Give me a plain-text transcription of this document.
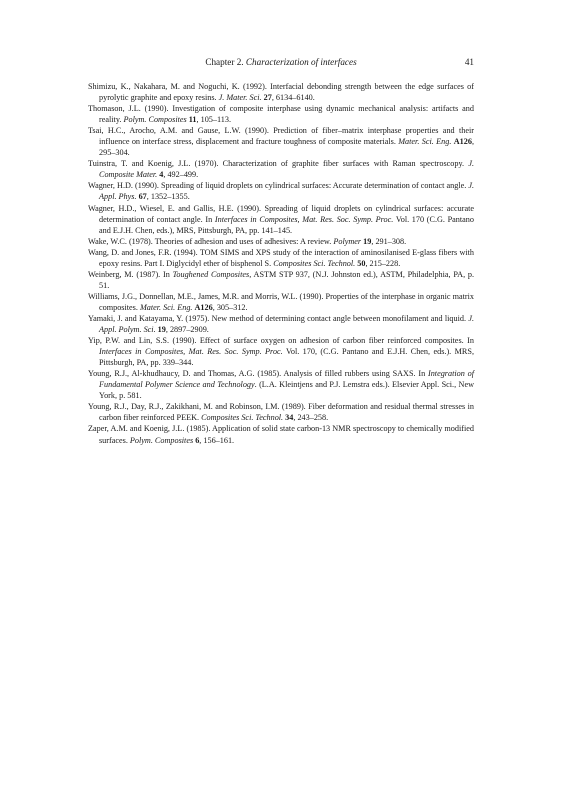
Chapter 2. Characterization of interfaces	41
Shimizu, K., Nakahara, M. and Noguchi, K. (1992). Interfacial debonding strength between the edge surfaces of pyrolytic graphite and epoxy resins. J. Mater. Sci. 27, 6134–6140.
Thomason, J.L. (1990). Investigation of composite interphase using dynamic mechanical analysis: artifacts and reality. Polym. Composites 11, 105–113.
Tsai, H.C., Arocho, A.M. and Gause, L.W. (1990). Prediction of fiber–matrix interphase properties and their influence on interface stress, displacement and fracture toughness of composite materials. Mater. Sci. Eng. A126, 295–304.
Tuinstra, T. and Koenig, J.L. (1970). Characterization of graphite fiber surfaces with Raman spectroscopy. J. Composite Mater. 4, 492–499.
Wagner, H.D. (1990). Spreading of liquid droplets on cylindrical surfaces: Accurate determination of contact angle. J. Appl. Phys. 67, 1352–1355.
Wagner, H.D., Wiesel, E. and Gallis, H.E. (1990). Spreading of liquid droplets on cylindrical surfaces: accurate determination of contact angle. In Interfaces in Composites, Mat. Res. Soc. Symp. Proc. Vol. 170 (C.G. Pantano and E.J.H. Chen, eds.), MRS, Pittsburgh, PA, pp. 141–145.
Wake, W.C. (1978). Theories of adhesion and uses of adhesives: A review. Polymer 19, 291–308.
Wang, D. and Jones, F.R. (1994). TOM SIMS and XPS study of the interaction of aminosilanised E-glass fibers with epoxy resins. Part I. Diglycidyl ether of bisphenol S. Composites Sci. Technol. 50, 215–228.
Weinberg, M. (1987). In Toughened Composites, ASTM STP 937, (N.J. Johnston ed.), ASTM, Philadelphia, PA, p. 51.
Williams, J.G., Donnellan, M.E., James, M.R. and Morris, W.L. (1990). Properties of the interphase in organic matrix composites. Mater. Sci. Eng. A126, 305–312.
Yamaki, J. and Katayama, Y. (1975). New method of determining contact angle between monofilament and liquid. J. Appl. Polym. Sci. 19, 2897–2909.
Yip, P.W. and Lin, S.S. (1990). Effect of surface oxygen on adhesion of carbon fiber reinforced composites. In Interfaces in Composites, Mat. Res. Soc. Symp. Proc. Vol. 170, (C.G. Pantano and E.J.H. Chen, eds.). MRS, Pittsburgh, PA, pp. 339–344.
Young, R.J., Al-khudhaucy, D. and Thomas, A.G. (1985). Analysis of filled rubbers using SAXS. In Integration of Fundamental Polymer Science and Technology. (L.A. Kleintjens and P.J. Lemstra eds.). Elsevier Appl. Sci., New York, p. 581.
Young, R.J., Day, R.J., Zakikhani, M. and Robinson, I.M. (1989). Fiber deformation and residual thermal stresses in carbon fiber reinforced PEEK. Composites Sci. Technol. 34, 243–258.
Zaper, A.M. and Koenig, J.L. (1985). Application of solid state carbon-13 NMR spectroscopy to chemically modified surfaces. Polym. Composites 6, 156–161.
